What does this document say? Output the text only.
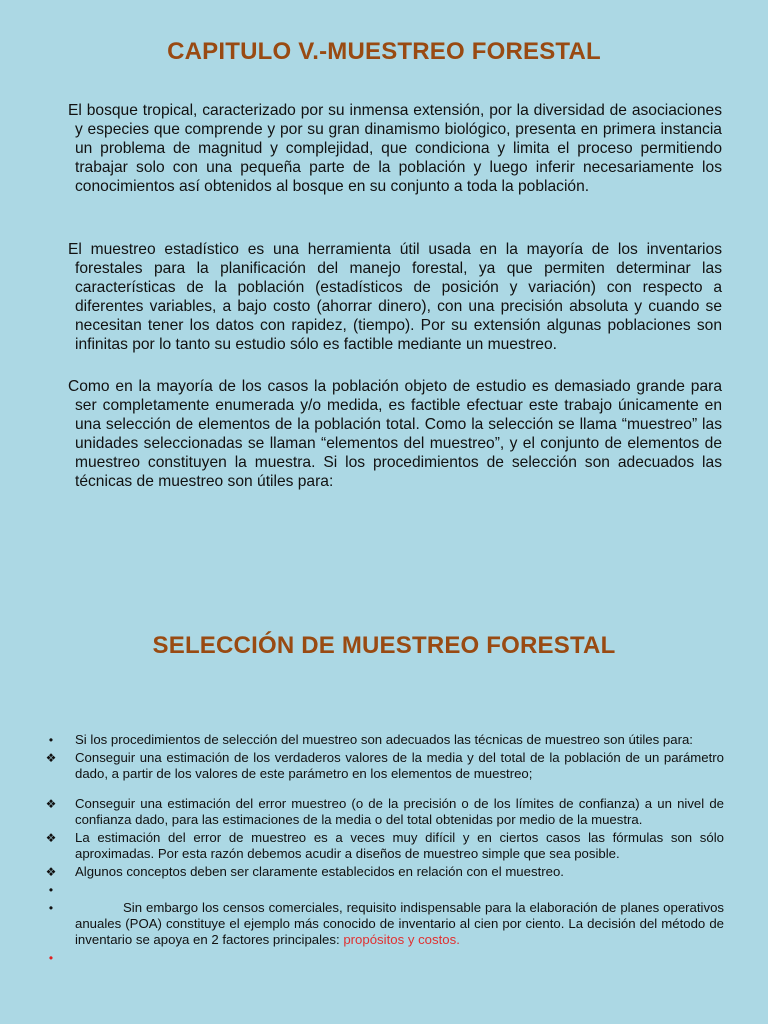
CAPITULO V.-MUESTREO FORESTAL

El bosque tropical, caracterizado por su inmensa extensión, por la diversidad de asociaciones y especies que comprende y por su gran dinamismo biológico, presenta en primera instancia un problema de magnitud y complejidad, que condiciona y limita el proceso permitiendo trabajar solo con una pequeña parte de la población y luego inferir necesariamente los conocimientos así obtenidos al bosque en su conjunto a toda la población.

El muestreo estadístico es una herramienta útil usada en la mayoría de los inventarios forestales para la planificación del manejo forestal, ya que permiten determinar las características de la población (estadísticos de posición y variación) con respecto a diferentes variables, a bajo costo (ahorrar dinero), con una precisión absoluta y cuando se necesitan tener los datos con rapidez, (tiempo). Por su extensión algunas poblaciones son infinitas por lo tanto su estudio sólo es factible mediante un muestreo.

Como en la mayoría de los casos la población objeto de estudio es demasiado grande para ser completamente enumerada y/o medida, es factible efectuar este trabajo únicamente en una selección de elementos de la población total. Como la selección se llama “muestreo” las unidades seleccionadas se llaman “elementos del muestreo”, y el conjunto de elementos de muestreo constituyen la muestra. Si los procedimientos de selección son adecuados las técnicas de muestreo son útiles para:

SELECCIÓN DE MUESTREO FORESTAL
•	Si los procedimientos de selección del muestreo son adecuados las técnicas de muestreo son útiles para:
❖ Conseguir una estimación de los verdaderos valores de la media y del total de la población de un parámetro dado, a partir de los valores de este parámetro en los elementos de muestreo;
❖ Conseguir una estimación del error muestreo (o de la precisión o de los límites de confianza) a un nivel de confianza dado, para las estimaciones de la media o del total obtenidas por medio de la muestra.
❖ La estimación del error de muestreo es a veces muy difícil y en ciertos casos las fórmulas son sólo aproximadas. Por esta razón debemos acudir a diseños de muestreo simple que sea posible.
❖ Algunos conceptos deben ser claramente establecidos en relación con el muestreo.
•
•	Sin embargo los censos comerciales, requisito indispensable para la elaboración de planes operativos anuales (POA) constituye el ejemplo más conocido de inventario al cien por ciento. La decisión del método de inventario se apoya en 2 factores principales: propósitos y costos.
•
